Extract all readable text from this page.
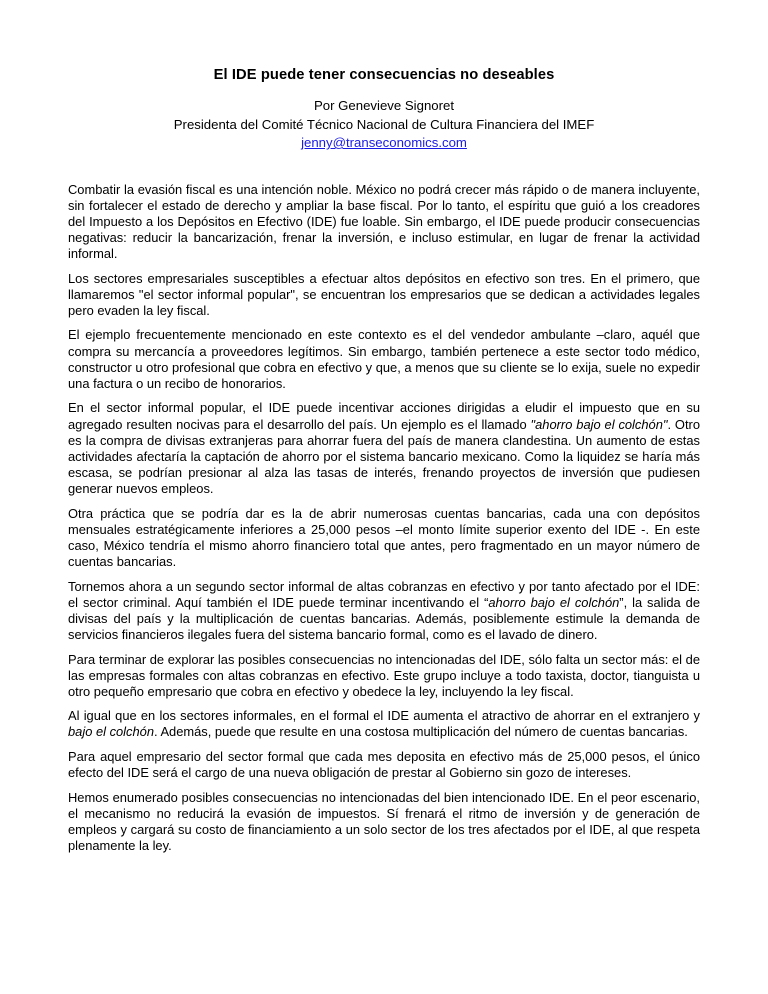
El IDE puede tener consecuencias no deseables
Por Genevieve Signoret
Presidenta del Comité Técnico Nacional de Cultura Financiera del IMEF
jenny@transeconomics.com

Combatir la evasión fiscal es una intención noble. México no podrá crecer más rápido o de manera incluyente, sin fortalecer el estado de derecho y ampliar la base fiscal. Por lo tanto, el espíritu que guió a los creadores del Impuesto a los Depósitos en Efectivo (IDE) fue loable. Sin embargo, el IDE puede producir consecuencias negativas: reducir la bancarización, frenar la inversión, e incluso estimular, en lugar de frenar la actividad informal.

Los sectores empresariales susceptibles a efectuar altos depósitos en efectivo son tres. En el primero, que llamaremos "el sector informal popular", se encuentran los empresarios que se dedican a actividades legales pero evaden la ley fiscal.

El ejemplo frecuentemente mencionado en este contexto es el del vendedor ambulante –claro, aquél que compra su mercancía a proveedores legítimos. Sin embargo, también pertenece a este sector todo médico, constructor u otro profesional que cobra en efectivo y que, a menos que su cliente se lo exija, suele no expedir una factura o un recibo de honorarios.

En el sector informal popular, el IDE puede incentivar acciones dirigidas a eludir el impuesto que en su agregado resulten nocivas para el desarrollo del país. Un ejemplo es el llamado "ahorro bajo el colchón". Otro es la compra de divisas extranjeras para ahorrar fuera del país de manera clandestina. Un aumento de estas actividades afectaría la captación de ahorro por el sistema bancario mexicano. Como la liquidez se haría más escasa, se podrían presionar al alza las tasas de interés, frenando proyectos de inversión que pudiesen generar nuevos empleos.

Otra práctica que se podría dar es la de abrir numerosas cuentas bancarias, cada una con depósitos mensuales estratégicamente inferiores a 25,000 pesos –el monto límite superior exento del IDE -. En este caso, México tendría el mismo ahorro financiero total que antes, pero fragmentado en un mayor número de cuentas bancarias.

Tornemos ahora a un segundo sector informal de altas cobranzas en efectivo y por tanto afectado por el IDE: el sector criminal. Aquí también el IDE puede terminar incentivando el “ahorro bajo el colchón”, la salida de divisas del país y la multiplicación de cuentas bancarias. Además, posiblemente estimule la demanda de servicios financieros ilegales fuera del sistema bancario formal, como es el lavado de dinero.

Para terminar de explorar las posibles consecuencias no intencionadas del IDE, sólo falta un sector más: el de las empresas formales con altas cobranzas en efectivo. Este grupo incluye a todo taxista, doctor, tianguista u otro pequeño empresario que cobra en efectivo y obedece la ley, incluyendo la ley fiscal.

Al igual que en los sectores informales, en el formal el IDE aumenta el atractivo de ahorrar en el extranjero y bajo el colchón. Además, puede que resulte en una costosa multiplicación del número de cuentas bancarias.

Para aquel empresario del sector formal que cada mes deposita en efectivo más de 25,000 pesos, el único efecto del IDE será el cargo de una nueva obligación de prestar al Gobierno sin gozo de intereses.

Hemos enumerado posibles consecuencias no intencionadas del bien intencionado IDE. En el peor escenario, el mecanismo no reducirá la evasión de impuestos. Sí frenará el ritmo de inversión y de generación de empleos y cargará su costo de financiamiento a un solo sector de los tres afectados por el IDE, al que respeta plenamente la ley.
